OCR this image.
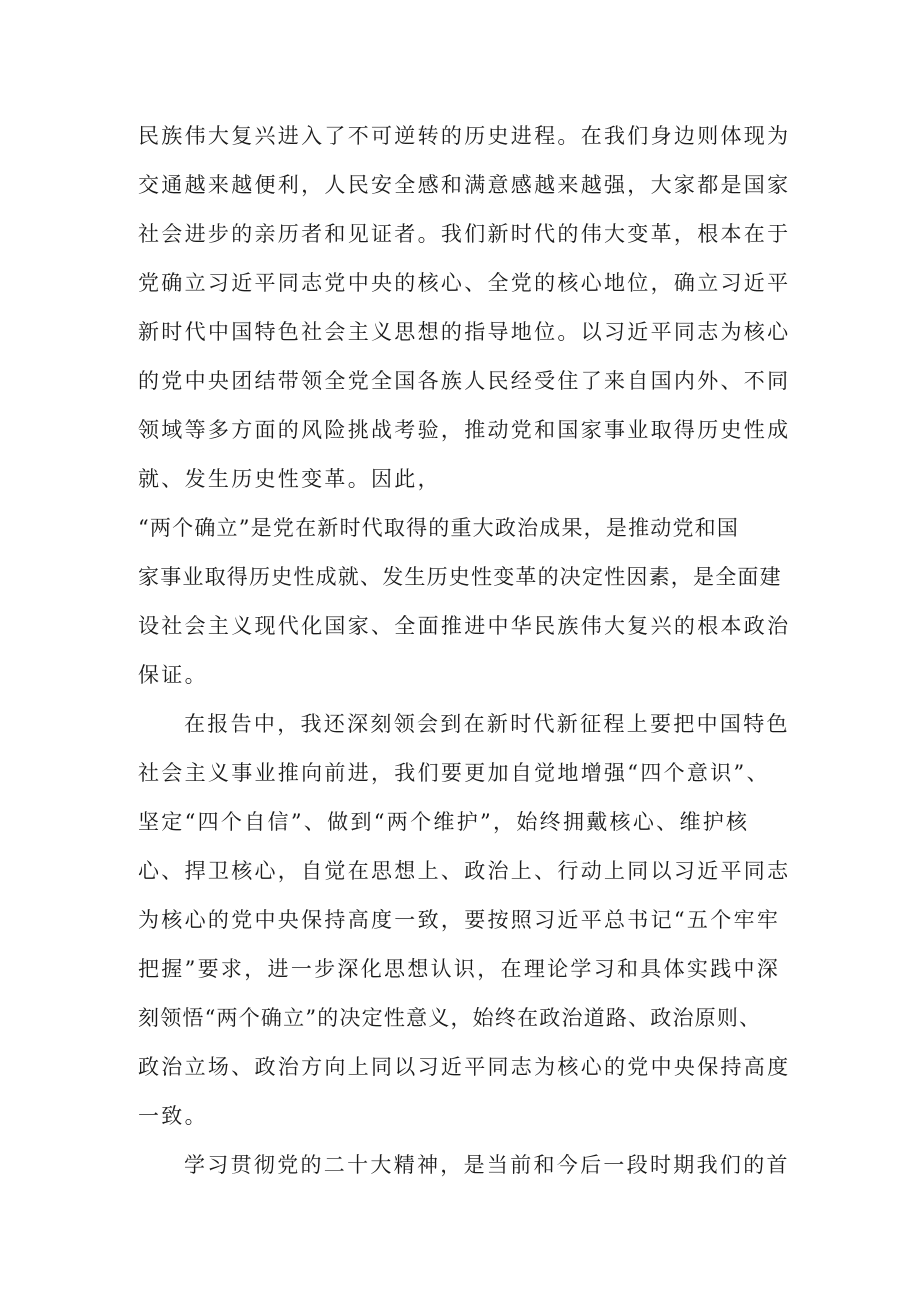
民族伟大复兴进入了不可逆转的历史进程。在我们身边则体现为
交通越来越便利，人民安全感和满意感越来越强，大家都是国家
社会进步的亲历者和见证者。我们新时代的伟大变革，根本在于
党确立习近平同志党中央的核心、全党的核心地位，确立习近平
新时代中国特色社会主义思想的指导地位。以习近平同志为核心
的党中央团结带领全党全国各族人民经受住了来自国内外、不同
领域等多方面的风险挑战考验，推动党和国家事业取得历史性成
就、发生历史性变革。因此，
“两个确立”是党在新时代取得的重大政治成果，是推动党和国
家事业取得历史性成就、发生历史性变革的决定性因素，是全面建
设社会主义现代化国家、全面推进中华民族伟大复兴的根本政治
保证。
在报告中，我还深刻领会到在新时代新征程上要把中国特色
社会主义事业推向前进，我们要更加自觉地增强“四个意识”、
坚定“四个自信”、做到“两个维护”，始终拥戴核心、维护核
心、捍卫核心，自觉在思想上、政治上、行动上同以习近平同志
为核心的党中央保持高度一致，要按照习近平总书记“五个牢牢
把握”要求，进一步深化思想认识，在理论学习和具体实践中深
刻领悟“两个确立”的决定性意义，始终在政治道路、政治原则、
政治立场、政治方向上同以习近平同志为核心的党中央保持高度
一致。
学习贯彻党的二十大精神，是当前和今后一段时期我们的首
